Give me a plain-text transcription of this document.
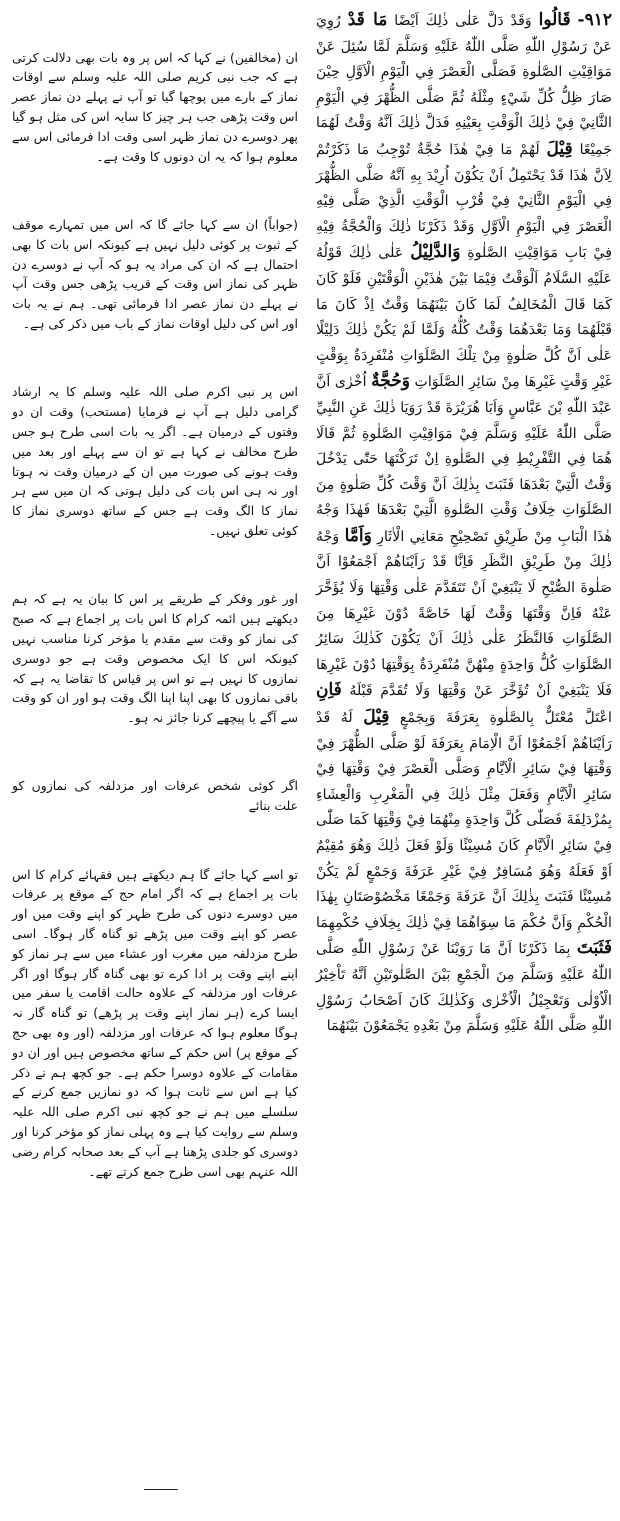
۹۱۲- قَالُوا وَقَدْ دَلَّ عَلٰى ذٰلِكَ اَيْضًا مَا قَدْ رُوِيَ عَنْ رَسُوْلِ اللّٰهِ صَلَّى اللّٰهُ عَلَيْهِ وَسَلَّمَ لَمَّا سُئِلَ عَنْ مَوَاقِيْتِ الصَّلٰوةِ فَصَلَّى الْعَصْرَ فِي الْيَوْمِ الْاَوَّلِ حِيْنَ صَارَ ظِلُّ كُلِّ شَيْءٍ مِثْلَهُ ثُمَّ صَلَّى الظُّهْرَ فِي الْيَوْمِ الثَّانِيْ فِيْ ذٰلِكَ الْوَقْتِ بِعَيْنِهِ فَدَلَّ ذٰلِكَ اَنَّهُ وَقْتٌ لَهُمَا جَمِيْعًا قِيْلَ لَهُمْ مَا فِيْ هٰذَا حُجَّةٌ تُوْجِبُ مَا ذَكَرْتُمْ لِاَنَّ هٰذَا قَدْ يَحْتَمِلُ اَنْ يَكُوْنَ اُرِيْدَ بِهِ اَنَّهُ صَلَّى الظُّهْرَ فِي الْيَوْمِ الثَّانِيْ فِيْ قُرْبِ الْوَقْتِ الَّذِيْ صَلَّى فِيْهِ الْعَصْرَ فِي الْيَوْمِ الْاَوَّلِ وَقَدْ ذَكَرْنَا ذٰلِكَ وَالْحُجَّةُ فِيْهِ فِيْ بَابِ مَوَاقِيْتِ الصَّلٰوةِ وَالدَّلِيْلُ عَلٰى ذٰلِكَ قَوْلُهُ عَلَيْهِ السَّلَامُ اَلْوَقْتُ فِيْمَا بَيْنَ هٰذَيْنِ الْوَقْتَيْنِ فَلَوْ كَانَ كَمَا قَالَ الْمُخَالِفُ لَمَا كَانَ بَيْنَهُمَا وَقْتٌ اِذْ كَانَ مَا قَبْلَهُمَا وَمَا بَعْدَهُمَا وَقْتٌ كُلُّهُ وَلَمَّا لَمْ يَكُنْ ذٰلِكَ دَلِيْلًا عَلٰى اَنَّ كُلَّ صَلٰوةٍ مِنْ تِلْكَ الصَّلَوَاتِ مُنْفَرِدَةٌ بِوَقْتٍ غَيْرِ وَقْتٍ غَيْرِهَا مِنْ سَائِرِ الصَّلَوَاتِ وَحُجَّةٌ اُخْرٰى اَنَّ عَبْدَ اللّٰهِ بْنَ عَبَّاسٍ وَاَبَا هُرَيْرَةَ قَدْ رَوَيَا ذٰلِكَ عَنِ النَّبِيِّ صَلَّى اللّٰهُ عَلَيْهِ وَسَلَّمَ فِيْ مَوَاقِيْتِ الصَّلٰوةِ ثُمَّ قَالَا هُمَا فِي التَّفْرِيْطِ فِي الصَّلٰوةِ اِنْ تَرَكْتَهَا حَتّٰى يَدْخُلَ وَقْتُ الَّتِيْ بَعْدَهَا فَثَبَتَ بِذٰلِكَ اَنَّ وَقْتَ كُلِّ صَلٰوةٍ مِنَ الصَّلَوَاتِ خِلَافُ وَقْتِ الصَّلٰوةِ الَّتِيْ بَعْدَهَا فَهٰذَا وَجْهُ هٰذَا الْبَابِ مِنْ طَرِيْقِ تَصْحِيْحِ مَعَانِي الْاٰثَارِ وَاَمَّا وَجْهُ ذٰلِكَ مِنْ طَرِيْقِ النَّظَرِ فَاِنَّا قَدْ رَاَيْنَاهُمْ اَجْمَعُوْا اَنَّ صَلٰوةَ الصُّبْحِ لَا يَنْبَغِيْ اَنْ تَتَقَدَّمَ عَلٰى وَقْتِهَا وَلَا يُؤَخَّرَ عَنْهُ فَاِنَّ وَقْتَهَا وَقْتٌ لَهَا خَاصَّةً دُوْنَ غَيْرِهَا مِنَ الصَّلَوَاتِ فَالنَّظَرُ عَلٰى ذٰلِكَ اَنْ يَكُوْنَ كَذٰلِكَ سَائِرُ الصَّلَوَاتِ كُلُّ وَاحِدَةٍ مِنْهُنَّ مُنْفَرِدَةٌ بِوَقْتِهَا دُوْنَ غَيْرِهَا فَلَا يَنْبَغِيْ اَنْ تُؤَخَّرَ عَنْ وَقْتِهَا وَلَا تُقَدَّمَ قَبْلَهُ فَاِنِ اعْتَلَّ مُعْتَلٌّ بِالصَّلٰوةِ بِعَرَفَةَ وَبِجَمْعٍ قِيْلَ لَهُ قَدْ رَاَيْنَاهُمْ اَجْمَعُوْا اَنَّ الْاِمَامَ بِعَرَفَةَ لَوْ صَلَّى الظُّهْرَ فِيْ وَقْتِهَا فِيْ سَائِرِ الْاَيَّامِ وَصَلَّى الْعَصْرَ فِيْ وَقْتِهَا فِيْ سَائِرِ الْاَيَّامِ وَفَعَلَ مِثْلَ ذٰلِكَ فِي الْمَغْرِبِ وَالْعِشَاءِ بِمُزْدَلِفَةَ فَصَلّٰى كُلَّ وَاحِدَةٍ مِنْهُمَا فِيْ وَقْتِهَا كَمَا صَلّٰى فِيْ سَائِرِ الْاَيَّامِ كَانَ مُسِيْئًا وَلَوْ فَعَلَ ذٰلِكَ وَهُوَ مُقِيْمٌ اَوْ فَعَلَهُ وَهُوَ مُسَافِرٌ فِيْ غَيْرِ عَرَفَةَ وَجَمْعٍ لَمْ يَكُنْ مُسِيْئًا فَثَبَتَ بِذٰلِكَ اَنَّ عَرَفَةَ وَجَمْعًا مَخْصُوْصَتَانِ بِهٰذَا الْحُكْمِ وَاَنَّ حُكْمَ مَا سِوَاهُمَا فِيْ ذٰلِكَ بِخِلَافِ حُكْمِهِمَا فَثَبَتَ بِمَا ذَكَرْنَا اَنَّ مَا رَوَيْنَا عَنْ رَسُوْلِ اللّٰهِ صَلَّى اللّٰهُ عَلَيْهِ وَسَلَّمَ مِنَ الْجَمْعِ بَيْنَ الصَّلٰوتَيْنِ اَنَّهُ تَاْخِيْرُ الْاُوْلٰى وَتَعْجِيْلُ الْاُخْرٰى وَكَذٰلِكَ كَانَ اَصْحَابُ رَسُوْلِ اللّٰهِ صَلَّى اللّٰهُ عَلَيْهِ وَسَلَّمَ مِنْ بَعْدِهِ يَجْمَعُوْنَ بَيْنَهُمَا

ان (مخالفین) نے کہا کہ اس پر وہ بات بھی دلالت کرتی ہے کہ جب نبی کریم صلی اللہ علیہ وسلم سے اوقات نماز کے بارے میں پوچھا گیا تو آپ نے پہلے دن نماز عصر اس وقت پڑھی جب ہر چیز کا سایہ اس کی مثل ہو گیا پھر دوسرے دن نماز ظہر اسی وقت ادا فرمائی اس سے معلوم ہوا کہ یہ ان دونوں کا وقت ہے۔

(جواباً) ان سے کہا جائے گا کہ اس میں تمہارے موقف کے ثبوت پر کوئی دلیل نہیں ہے کیونکہ اس بات کا بھی احتمال ہے کہ ان کی مراد یہ ہو کہ آپ نے دوسرے دن ظہر کی نماز اس وقت کے قریب پڑھی جس وقت آپ نے پہلے دن نماز عصر ادا فرمائی تھی۔ ہم نے یہ بات اور اس کی دلیل اوقات نماز کے باب میں ذکر کی ہے۔

اس پر نبی اکرم صلی اللہ علیہ وسلم کا یہ ارشاد گرامی دلیل ہے آپ نے فرمایا (مستحب) وقت ان دو وقتوں کے درمیان ہے۔ اگر یہ بات اسی طرح ہو جس طرح مخالف نے کہا ہے تو ان سے پہلے اور بعد میں وقت ہونے کی صورت میں ان کے درمیان وقت نہ ہوتا اور نہ ہی اس بات کی دلیل ہوتی کہ ان میں سے ہر نماز کا الگ وقت ہے جس کے ساتھ دوسری نماز کا کوئی تعلق نہیں۔

اور غور وفکر کے طریقے پر اس کا بیان یہ ہے کہ ہم دیکھتے ہیں ائمہ کرام کا اس بات پر اجماع ہے کہ صبح کی نماز کو وقت سے مقدم یا مؤخر کرنا مناسب نہیں کیونکہ اس کا ایک مخصوص وقت ہے جو دوسری نمازوں کا نہیں ہے تو اس پر قیاس کا تقاضا یہ ہے کہ باقی نمازوں کا بھی اپنا اپنا الگ وقت ہو اور ان کو وقت سے آگے یا پیچھے کرنا جائز نہ ہو۔

اگر کوئی شخص عرفات اور مزدلفہ کی نمازوں کو علت بنائے

تو اسے کہا جائے گا ہم دیکھتے ہیں فقہائے کرام کا اس بات پر اجماع ہے کہ اگر امام حج کے موقع پر عرفات میں دوسرے دنوں کی طرح ظہر کو اپنے وقت میں اور عصر کو اپنے وقت میں پڑھے تو گناہ گار ہوگا۔ اسی طرح مزدلفہ میں مغرب اور عشاء میں سے ہر نماز کو اپنے اپنے وقت پر ادا کرے تو بھی گناہ گار ہوگا اور اگر عرفات اور مزدلفہ کے علاوہ حالت اقامت یا سفر میں ایسا کرے (ہر نماز اپنے وقت پر پڑھے) تو گناہ گار نہ ہوگا معلوم ہوا کہ عرفات اور مزدلفہ (اور وہ بھی حج کے موقع پر) اس حکم کے ساتھ مخصوص ہیں اور ان دو مقامات کے علاوہ دوسرا حکم ہے۔ جو کچھ ہم نے ذکر کیا ہے اس سے ثابت ہوا کہ دو نمازیں جمع کرنے کے سلسلے میں ہم نے جو کچھ نبی اکرم صلی اللہ علیہ وسلم سے روایت کیا ہے وہ پہلی نماز کو مؤخر کرنا اور دوسری کو جلدی پڑھنا ہے آپ کے بعد صحابہ کرام رضی اللہ عنہم بھی اسی طرح جمع کرتے تھے۔
